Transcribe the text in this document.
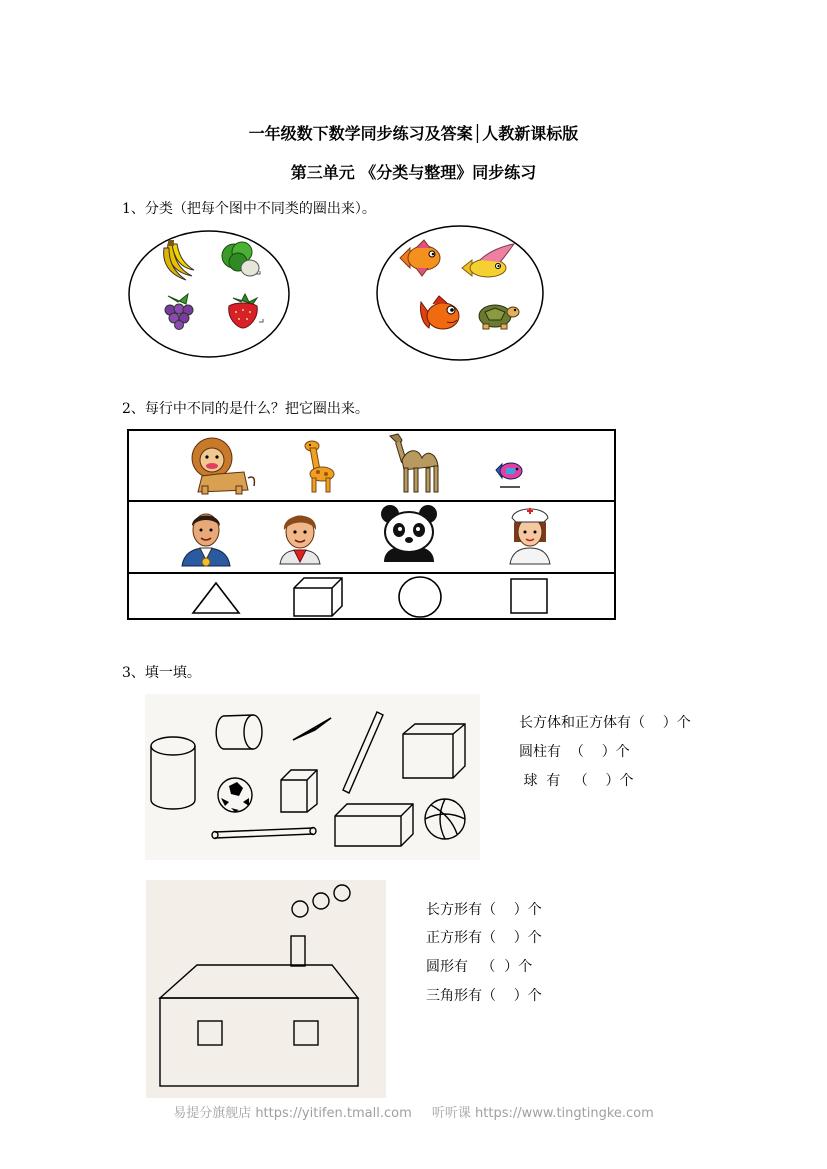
一年级数下数学同步练习及答案│人教新课标版
第三单元 《分类与整理》同步练习
1、分类（把每个图中不同类的圈出来）。
2、每行中不同的是什么？把它圈出来。
3、填一填。
长方体和正方体有（    ）个
圆柱有  （    ）个
球  有   （    ）个
长方形有（    ）个
正方形有（    ）个
圆形有   （  ）个
三角形有（    ）个
易提分旗舰店 https://yitifen.tmall.com 听听课 https://www.tingtingke.com
